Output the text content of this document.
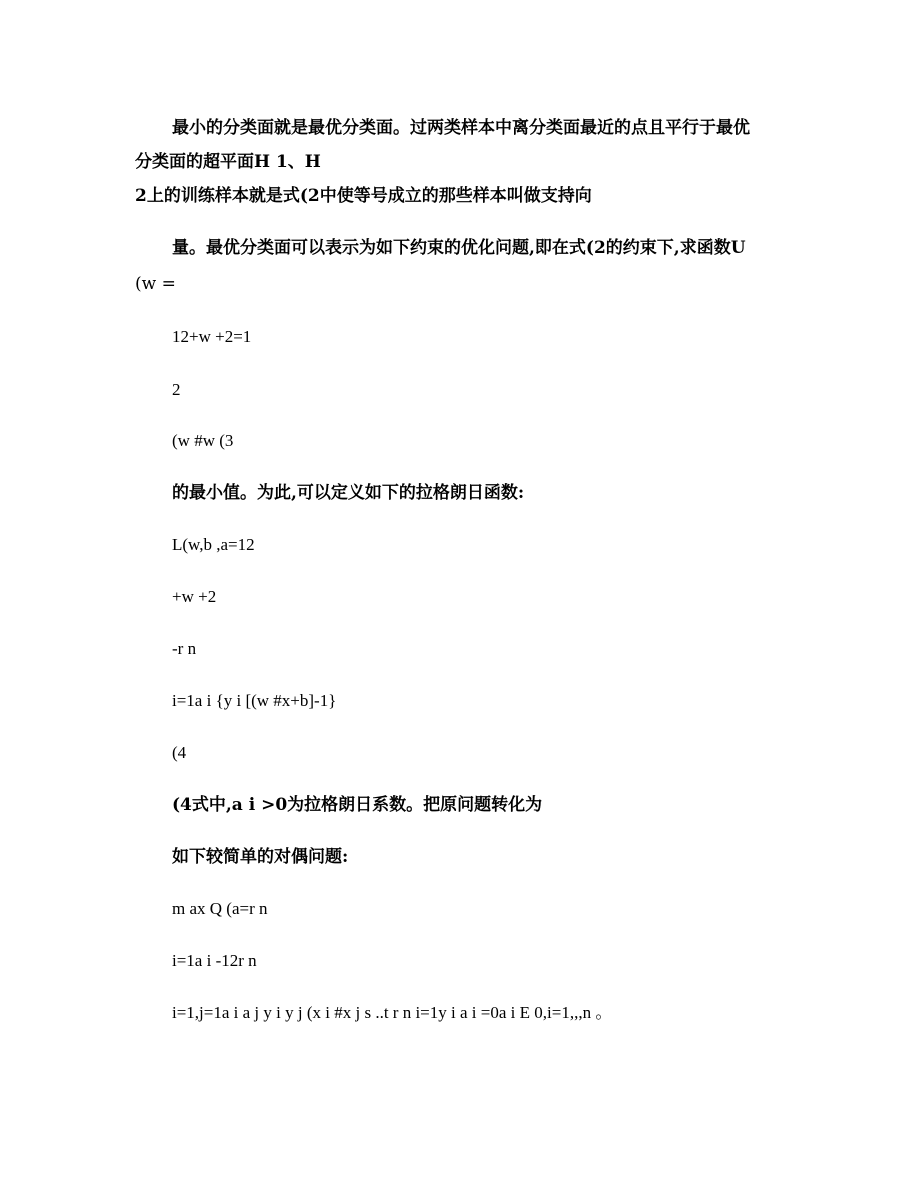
最小的分类面就是最优分类面。过两类样本中离分类面最近的点且平行于最优

分类面的超平面H 1、H

2上的训练样本就是式(2中使等号成立的那些样本叫做支持向

量。最优分类面可以表示为如下约束的优化问题,即在式(2的约束下,求函数U

(w =

12+w +2=1

2

(w #w (3

的最小值。为此,可以定义如下的拉格朗日函数:

L(w,b ,a=12

+w +2

-r n

i=1a i {y i [(w #x+b]-1}

(4

(4式中,a i >0为拉格朗日系数。把原问题转化为

如下较简单的对偶问题:

m ax Q (a=r n

i=1a i -12r n

i=1,j=1a i a j y i y j (x i #x j s ..t r n i=1y i a i =0a i E 0,i=1,,,n 。
